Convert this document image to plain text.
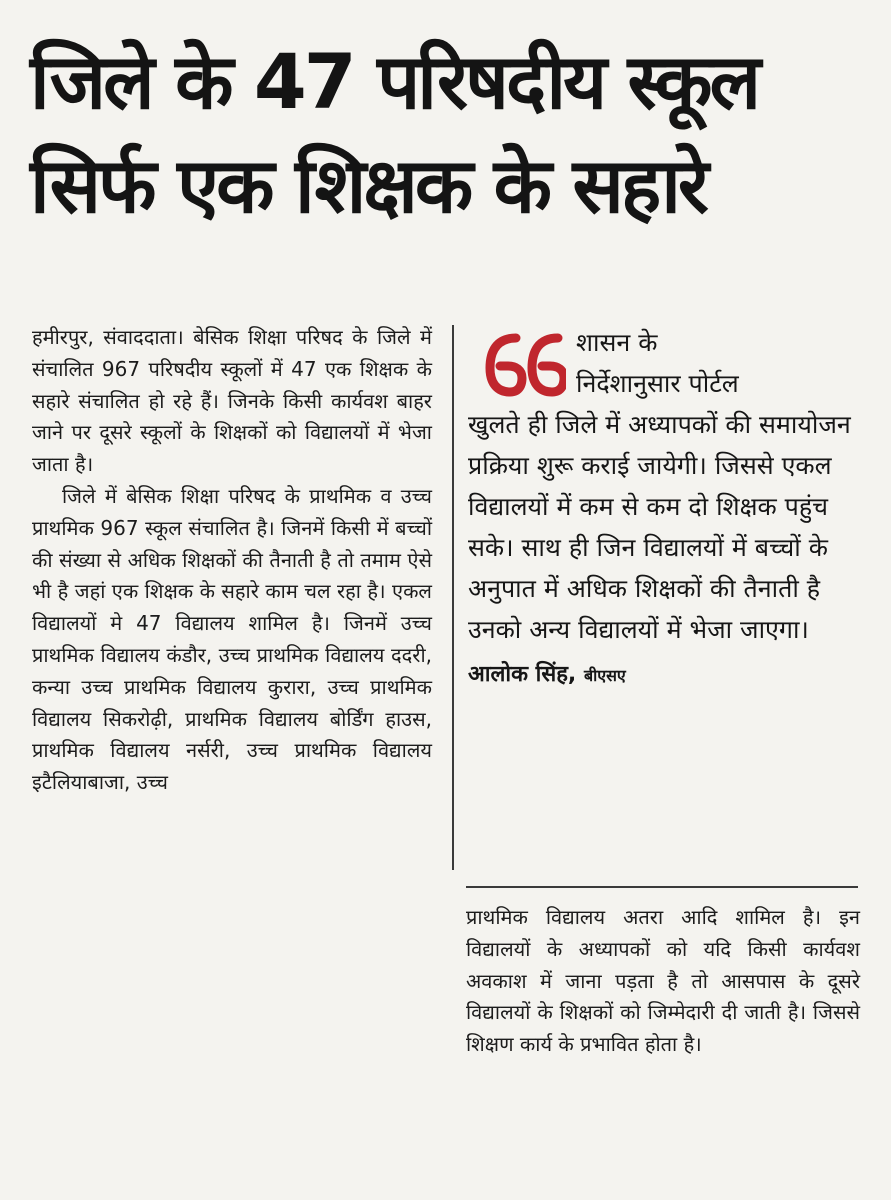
जिले के 47 परिषदीय स्कूल
सिर्फ एक शिक्षक के सहारे

हमीरपुर, संवाददाता। बेसिक शिक्षा परिषद के जिले में संचालित 967 परिषदीय स्कूलों में 47 एक शिक्षक के सहारे संचालित हो रहे हैं। जिनके किसी कार्यवश बाहर जाने पर दूसरे स्कूलों के शिक्षकों को विद्यालयों में भेजा जाता है।

जिले में बेसिक शिक्षा परिषद के प्राथमिक व उच्च प्राथमिक 967 स्कूल संचालित है। जिनमें किसी में बच्चों की संख्या से अधिक शिक्षकों की तैनाती है तो तमाम ऐसे भी है जहां एक शिक्षक के सहारे काम चल रहा है। एकल विद्यालयों मे 47 विद्यालय शामिल है। जिनमें उच्च प्राथमिक विद्यालय कंडौर, उच्च प्राथमिक विद्यालय ददरी, कन्या उच्च प्राथमिक विद्यालय कुरारा, उच्च प्राथमिक विद्यालय सिकरोढ़ी, प्राथमिक विद्यालय बोर्डिंग हाउस, प्राथमिक विद्यालय नर्सरी, उच्च प्राथमिक विद्यालय इटैलियाबाजा, उच्च

शासन के
निर्देशानुसार पोर्टल
खुलते ही जिले में अध्यापकों की समायोजन प्रक्रिया शुरू कराई जायेगी। जिससे एकल विद्यालयों में कम से कम दो शिक्षक पहुंच सके। साथ ही जिन विद्यालयों में बच्चों के अनुपात में अधिक शिक्षकों की तैनाती है उनको अन्य विद्यालयों में भेजा जाएगा।

आलोक सिंह, बीएसए

प्राथमिक विद्यालय अतरा आदि शामिल है। इन विद्यालयों के अध्यापकों को यदि किसी कार्यवश अवकाश में जाना पड़ता है तो आसपास के दूसरे विद्यालयों के शिक्षकों को जिम्मेदारी दी जाती है। जिससे शिक्षण कार्य के प्रभावित होता है।
